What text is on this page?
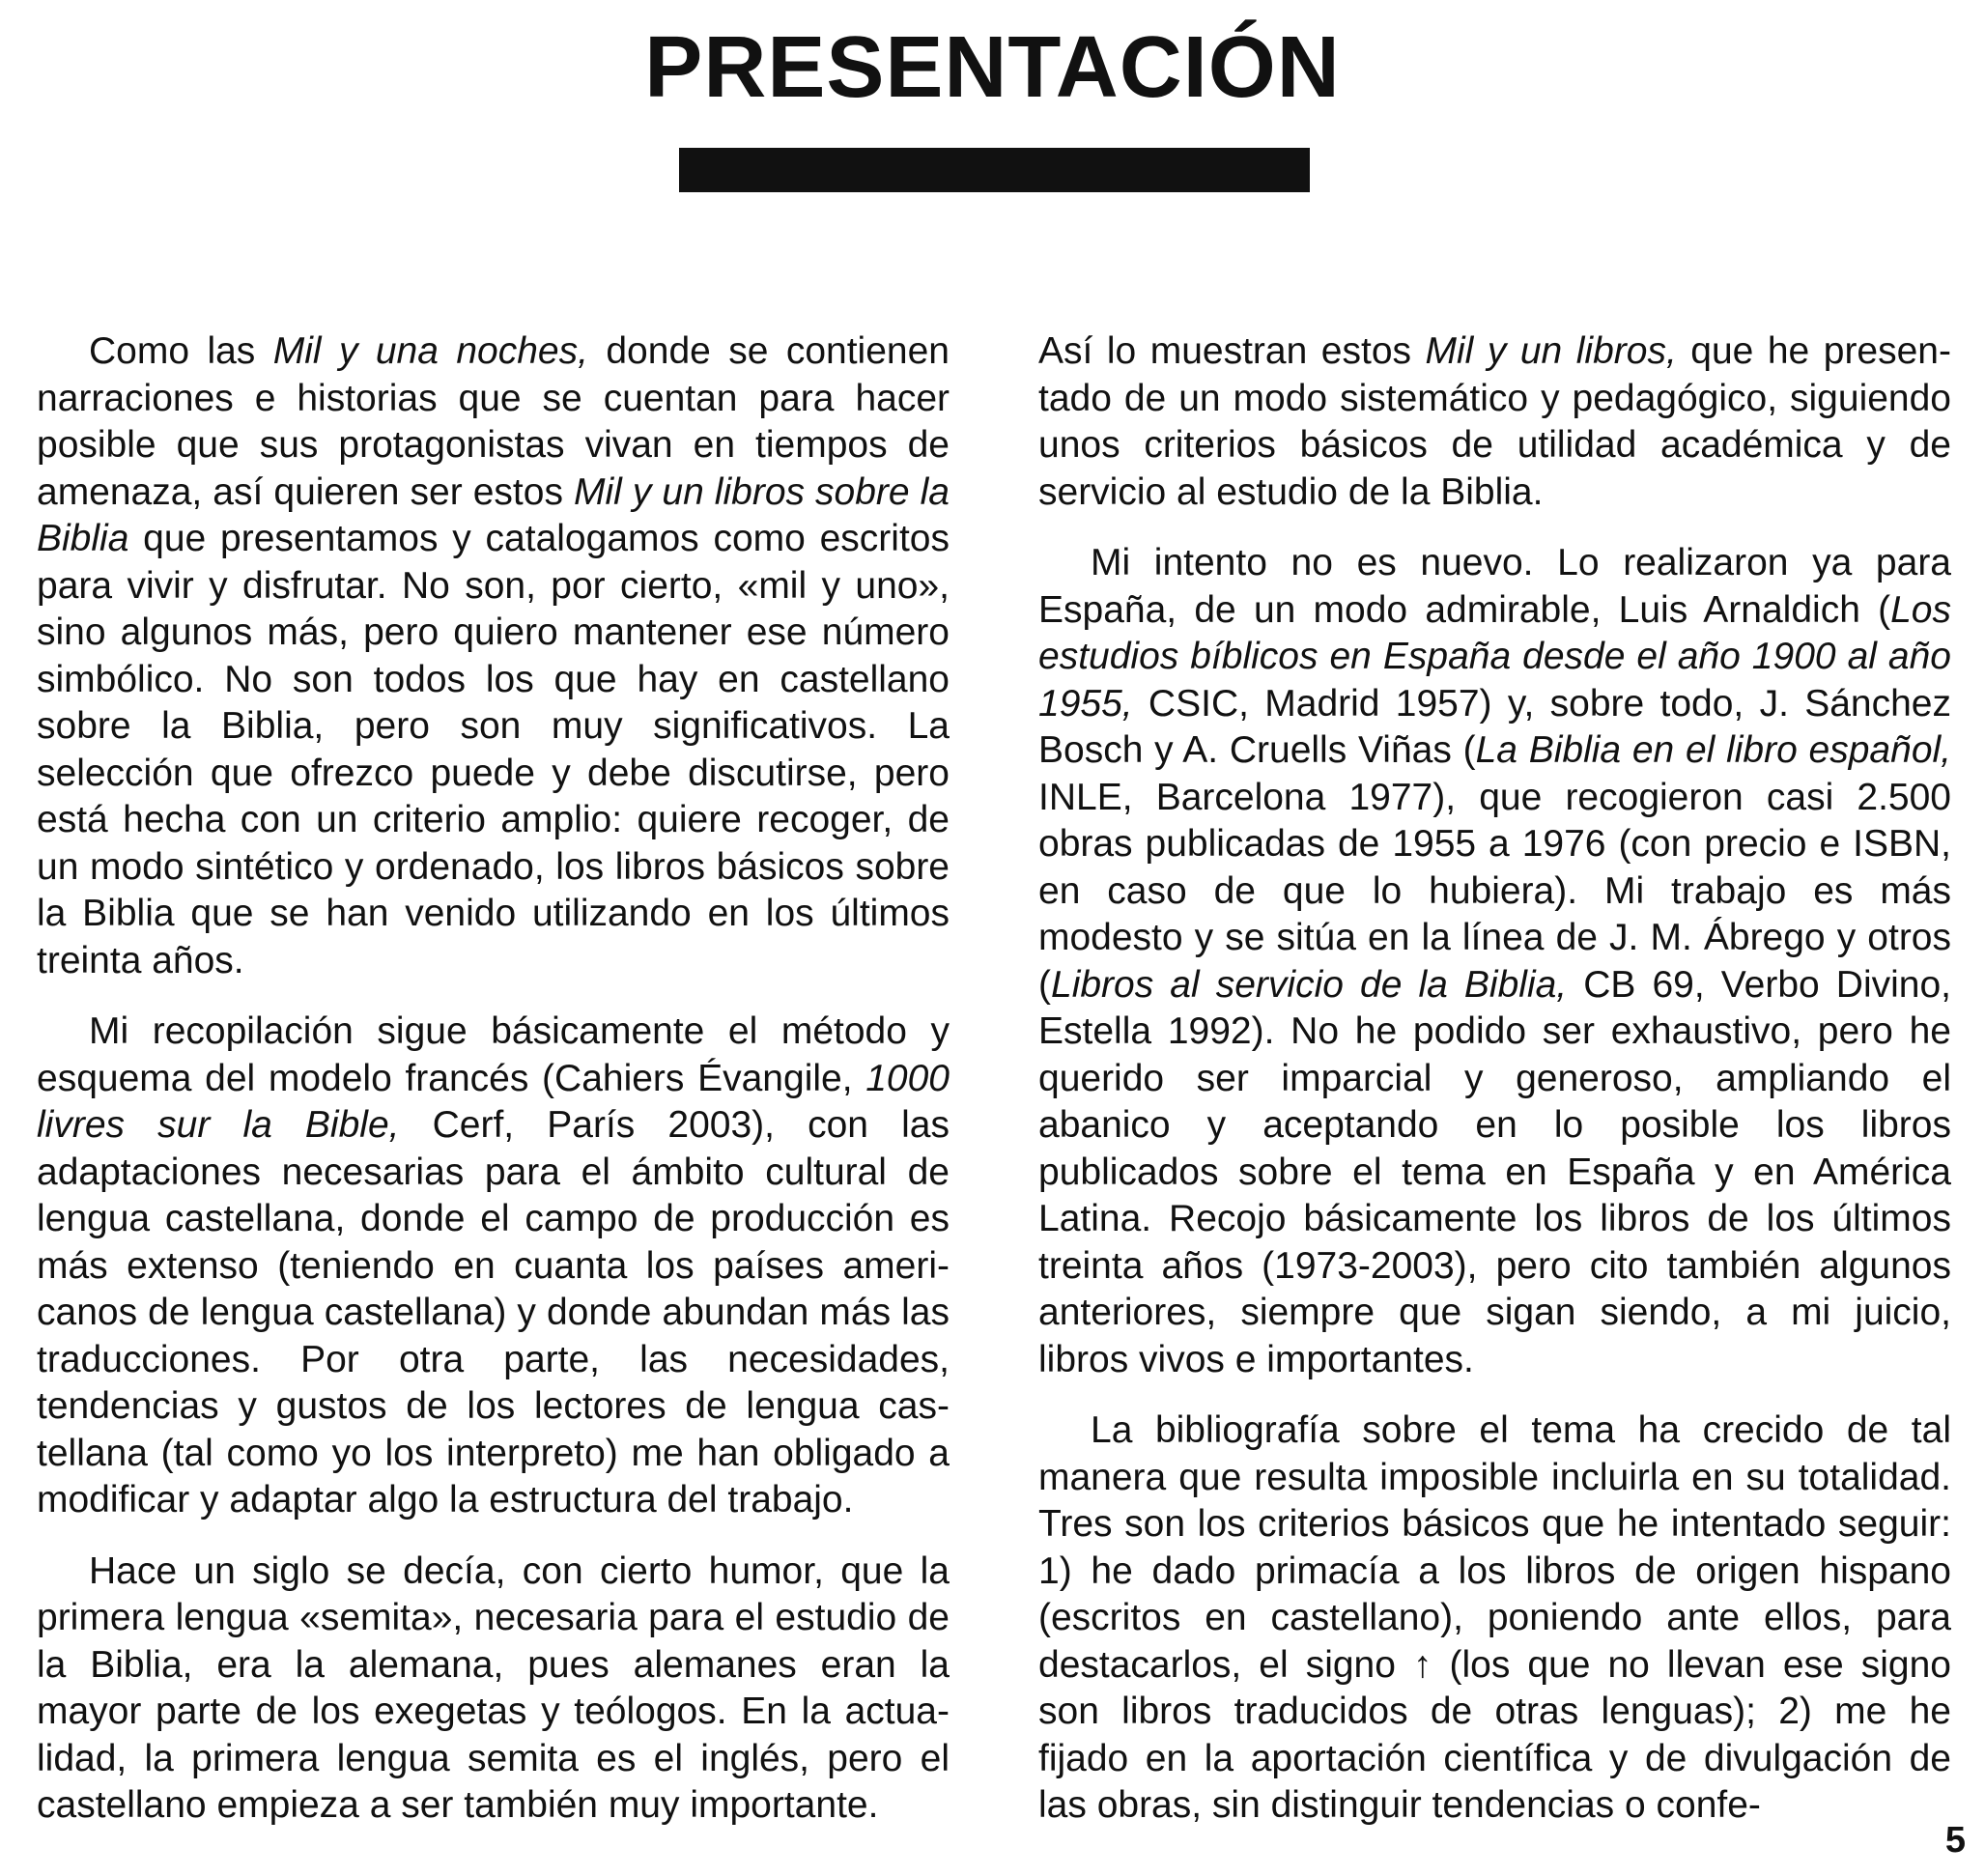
PRESENTACIÓN

Como las Mil y una noches, donde se contienen narraciones e historias que se cuentan para hacer posible que sus protagonistas vivan en tiempos de amenaza, así quieren ser estos Mil y un libros sobre la Biblia que presentamos y catalogamos como escritos para vivir y disfrutar. No son, por cierto, «mil y uno», sino algunos más, pero quiero mantener ese número simbólico. No son todos los que hay en castellano sobre la Biblia, pero son muy significativos. La selección que ofrezco puede y debe discutirse, pero está hecha con un criterio amplio: quiere recoger, de un modo sintético y ordenado, los libros básicos sobre la Biblia que se han venido utilizando en los últimos treinta años.

Mi recopilación sigue básicamente el método y esquema del modelo francés (Cahiers Évangile, 1000 livres sur la Bible, Cerf, París 2003), con las adaptaciones necesarias para el ámbito cultural de lengua castellana, donde el campo de producción es más extenso (teniendo en cuanta los países americanos de lengua castellana) y donde abundan más las traducciones. Por otra parte, las necesidades, tendencias y gustos de los lectores de lengua castellana (tal como yo los interpreto) me han obligado a modificar y adaptar algo la estructura del trabajo.

Hace un siglo se decía, con cierto humor, que la primera lengua «semita», necesaria para el estudio de la Biblia, era la alemana, pues alemanes eran la mayor parte de los exegetas y teólogos. En la actualidad, la primera lengua semita es el inglés, pero el castellano empieza a ser también muy importante.

Así lo muestran estos Mil y un libros, que he presentado de un modo sistemático y pedagógico, siguiendo unos criterios básicos de utilidad académica y de servicio al estudio de la Biblia.

Mi intento no es nuevo. Lo realizaron ya para España, de un modo admirable, Luis Arnaldich (Los estudios bíblicos en España desde el año 1900 al año 1955, CSIC, Madrid 1957) y, sobre todo, J. Sánchez Bosch y A. Cruells Viñas (La Biblia en el libro español, INLE, Barcelona 1977), que recogieron casi 2.500 obras publicadas de 1955 a 1976 (con precio e ISBN, en caso de que lo hubiera). Mi trabajo es más modesto y se sitúa en la línea de J. M. Ábrego y otros (Libros al servicio de la Biblia, CB 69, Verbo Divino, Estella 1992). No he podido ser exhaustivo, pero he querido ser imparcial y generoso, ampliando el abanico y aceptando en lo posible los libros publicados sobre el tema en España y en América Latina. Recojo básicamente los libros de los últimos treinta años (1973-2003), pero cito también algunos anteriores, siempre que sigan siendo, a mi juicio, libros vivos e importantes.

La bibliografía sobre el tema ha crecido de tal manera que resulta imposible incluirla en su totalidad. Tres son los criterios básicos que he intentado seguir: 1) he dado primacía a los libros de origen hispano (escritos en castellano), poniendo ante ellos, para destacarlos, el signo ↑ (los que no llevan ese signo son libros traducidos de otras lenguas); 2) me he fijado en la aportación científica y de divulgación de las obras, sin distinguir tendencias o confe-

5
